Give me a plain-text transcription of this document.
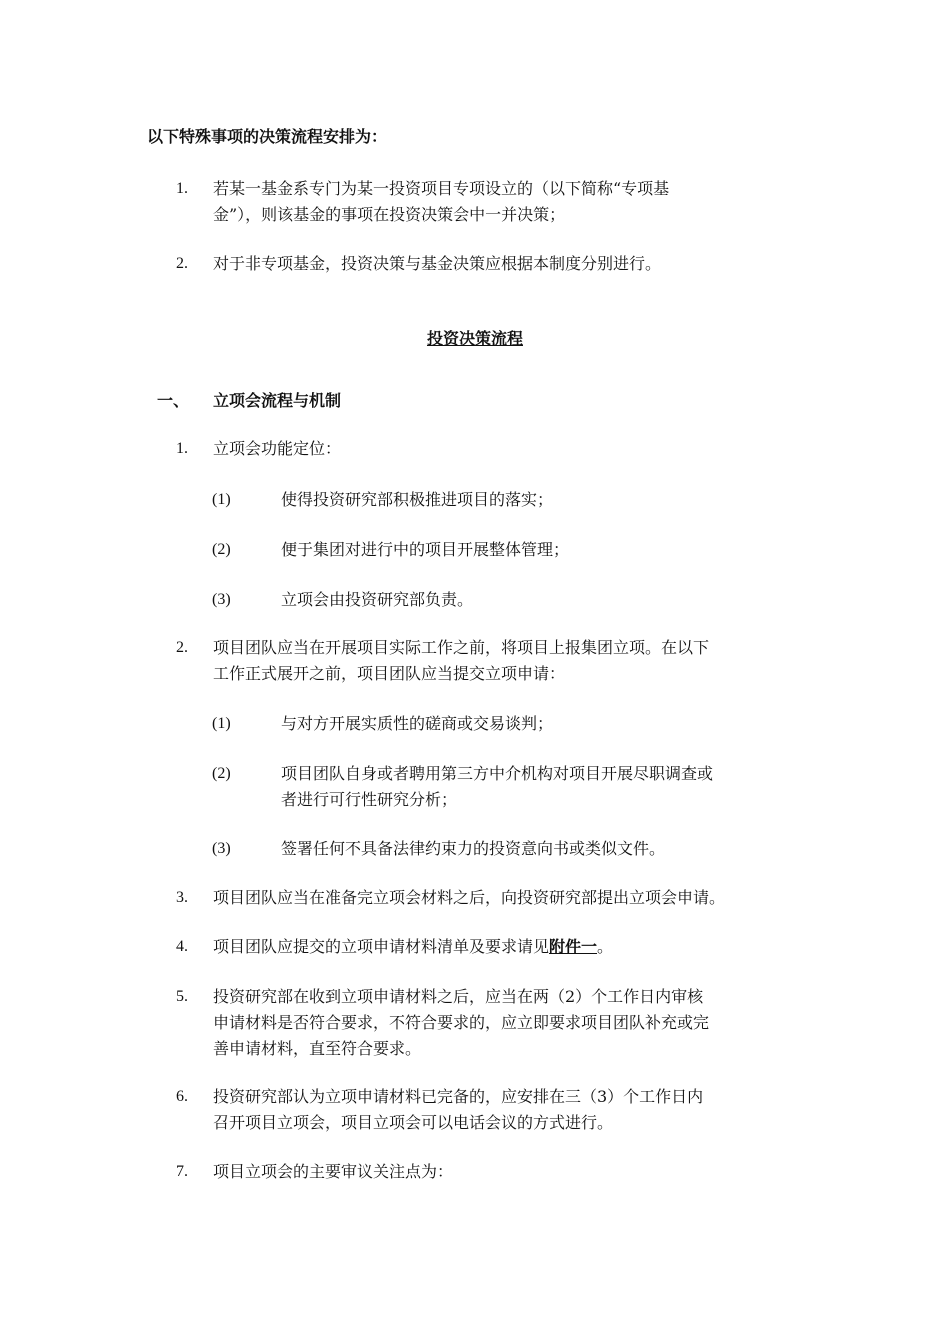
以下特殊事项的决策流程安排为：
1. 若某一基金系专门为某一投资项目专项设立的（以下简称“专项基
金”），则该基金的事项在投资决策会中一并决策；
2. 对于非专项基金，投资决策与基金决策应根据本制度分别进行。
投资决策流程
一、 立项会流程与机制
1. 立项会功能定位：
(1)	使得投资研究部积极推进项目的落实；
(2)	便于集团对进行中的项目开展整体管理；
(3)	立项会由投资研究部负责。
2. 项目团队应当在开展项目实际工作之前，将项目上报集团立项。在以下
工作正式展开之前，项目团队应当提交立项申请：
(1)	与对方开展实质性的磋商或交易谈判；
(2)	项目团队自身或者聘用第三方中介机构对项目开展尽职调查或
者进行可行性研究分析；
(3)	签署任何不具备法律约束力的投资意向书或类似文件。
3. 项目团队应当在准备完立项会材料之后，向投资研究部提出立项会申请。
4. 项目团队应提交的立项申请材料清单及要求请见附件一。
5. 投资研究部在收到立项申请材料之后，应当在两（2）个工作日内审核
申请材料是否符合要求，不符合要求的，应立即要求项目团队补充或完
善申请材料，直至符合要求。
6. 投资研究部认为立项申请材料已完备的，应安排在三（3）个工作日内
召开项目立项会，项目立项会可以电话会议的方式进行。
7. 项目立项会的主要审议关注点为：
